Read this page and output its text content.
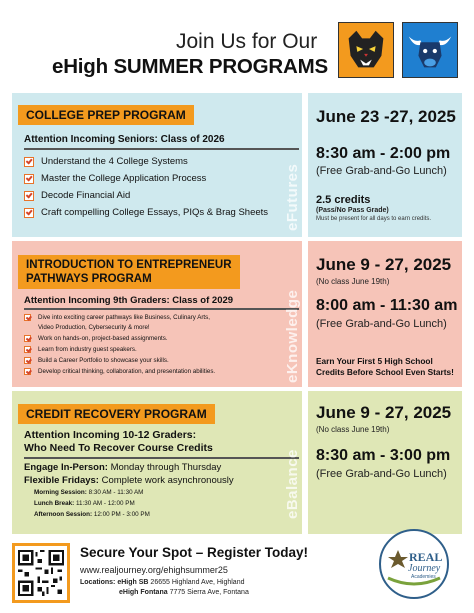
Join Us for Our
eHigh SUMMER PROGRAMS
COLLEGE PREP PROGRAM
Attention Incoming Seniors: Class of 2026
Understand the 4 College Systems
Master the College Application Process
Decode Financial Aid
Craft compelling College Essays, PIQs & Brag Sheets eFutures
June 23 -27, 2025
8:30 am - 2:00 pm
(Free Grab-and-Go Lunch)
2.5 credits
(Pass/No Pass Grade)
Must be present for all days to earn credits.
INTRODUCTION TO ENTREPRENEUR
PATHWAYS PROGRAM
Attention Incoming 9th Graders: Class of 2029
Dive into exciting career pathways like Business, Culinary Arts,
Video Production, Cybersecurity & more!
Work on hands-on, project-based assignments.
Learn from industry guest speakers.
Build a Career Portfolio to showcase your skills.
Develop critical thinking, collaboration, and presentation abilities.	eKnowledge
June 9 - 27, 2025
(No class June 19th)
8:00 am - 11:30 am
(Free Grab-and-Go Lunch)
Earn Your First 5 High School
Credits Before School Even Starts!
CREDIT RECOVERY PROGRAM
Attention Incoming 10-12 Graders:
Who Need To Recover Course Credits
Engage In-Person: Monday through Thursday
Flexible Fridays: Complete work asynchronously
Morning Session: 8:30 AM - 11:30 AM
Lunch Break: 11:30 AM - 12:00 PM
Afternoon Session: 12:00 PM - 3:00 PM	eBalance
June 9 - 27, 2025
(No class June 19th)
8:30 am - 3:00 pm
(Free Grab-and-Go Lunch)
Secure Your Spot – Register Today!
www.realjourney.org/ehighsummer25
Locations: eHigh SB 26655 Highland Ave, Highland
eHigh Fontana 7775 Sierra Ave, Fontana
REAL
Journey
Academies
